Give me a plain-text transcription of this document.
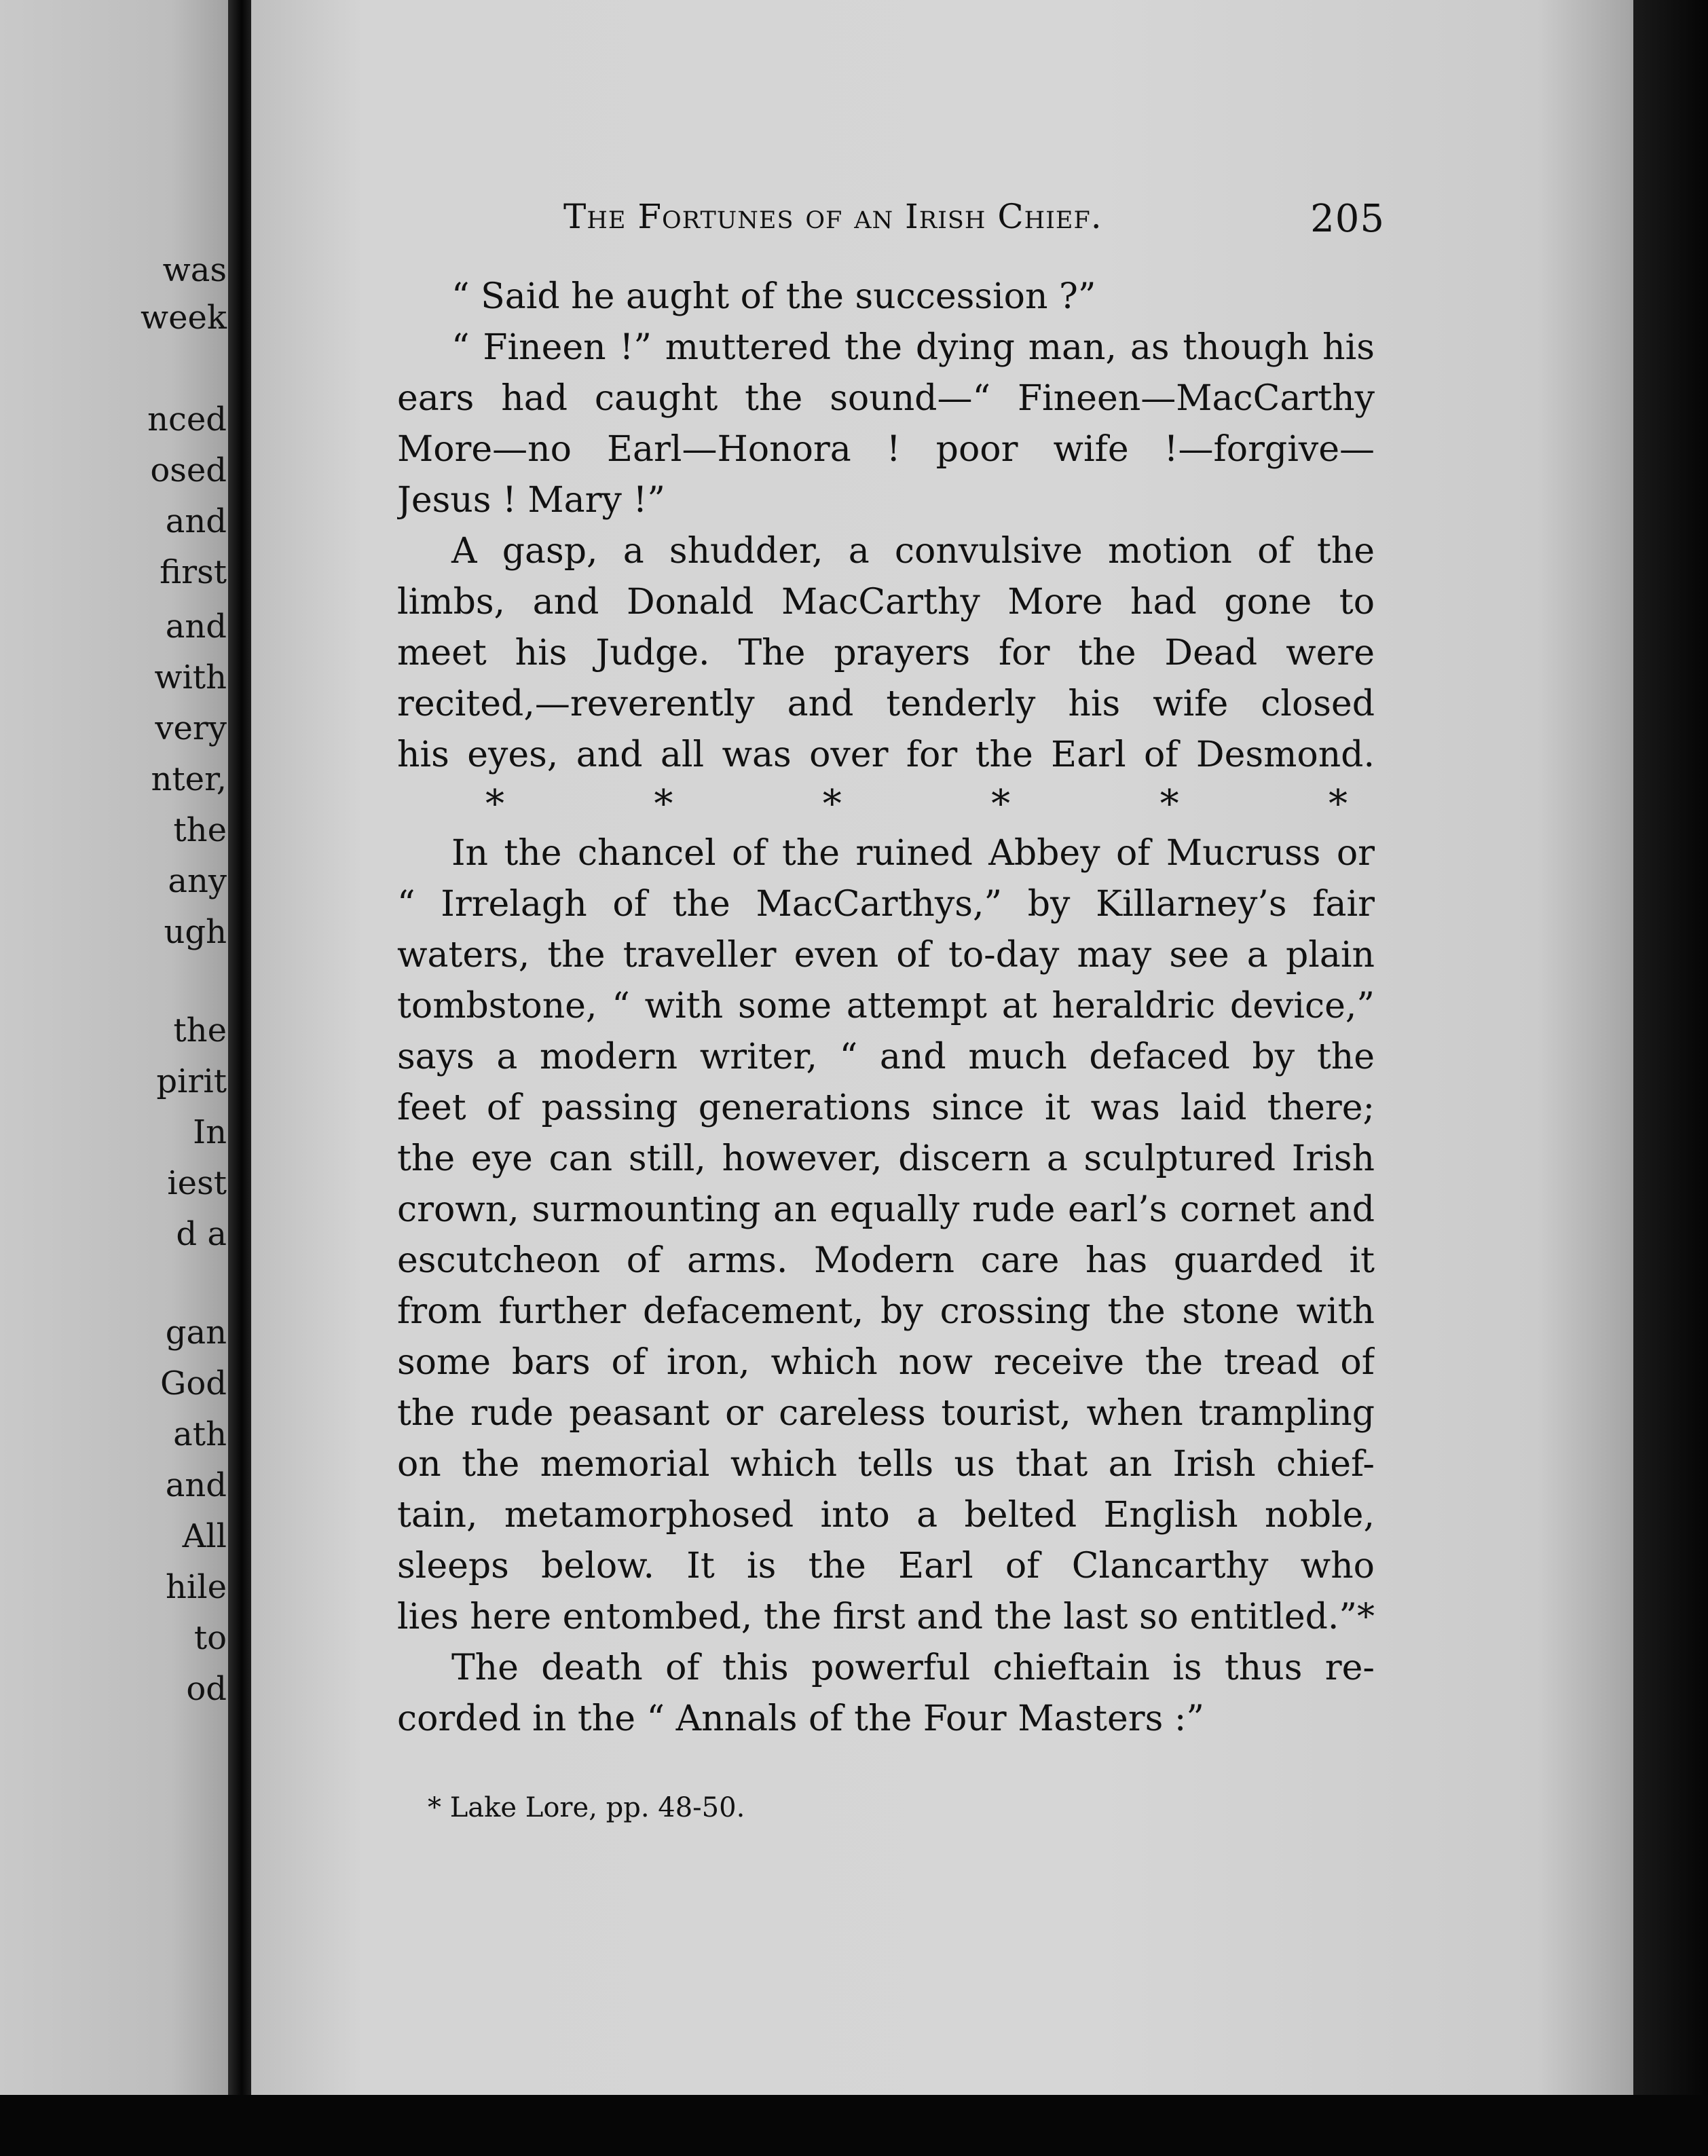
was
week
nced
osed
and
first
and
with
very
nter,
the
any
ugh
the
pirit
In
iest
d a
gan
God
ath
and
All
hile
to
od
The Fortunes of an Irish Chief.	205
“ Said he aught of the succession ?”
“ Fineen !” muttered the dying man, as though his
ears had caught the sound—“ Fineen—MacCarthy
More—no Earl—Honora ! poor wife !—forgive—
Jesus ! Mary !”
A gasp, a shudder, a convulsive motion of the
limbs, and Donald MacCarthy More had gone to
meet his Judge. The prayers for the Dead were
recited,—reverently and tenderly his wife closed
his eyes, and all was over for the Earl of Desmond.
*	*	*	*	*	*
In the chancel of the ruined Abbey of Mucruss or
“ Irrelagh of the MacCarthys,” by Killarney’s fair
waters, the traveller even of to-day may see a plain
tombstone, “ with some attempt at heraldric device,”
says a modern writer, “ and much defaced by the
feet of passing generations since it was laid there;
the eye can still, however, discern a sculptured Irish
crown, surmounting an equally rude earl’s cornet and
escutcheon of arms. Modern care has guarded it
from further defacement, by crossing the stone with
some bars of iron, which now receive the tread of
the rude peasant or careless tourist, when trampling
on the memorial which tells us that an Irish chief-
tain, metamorphosed into a belted English noble,
sleeps below. It is the Earl of Clancarthy who
lies here entombed, the first and the last so entitled.”*
The death of this powerful chieftain is thus re-
corded in the “ Annals of the Four Masters :”
* Lake Lore, pp. 48-50.
